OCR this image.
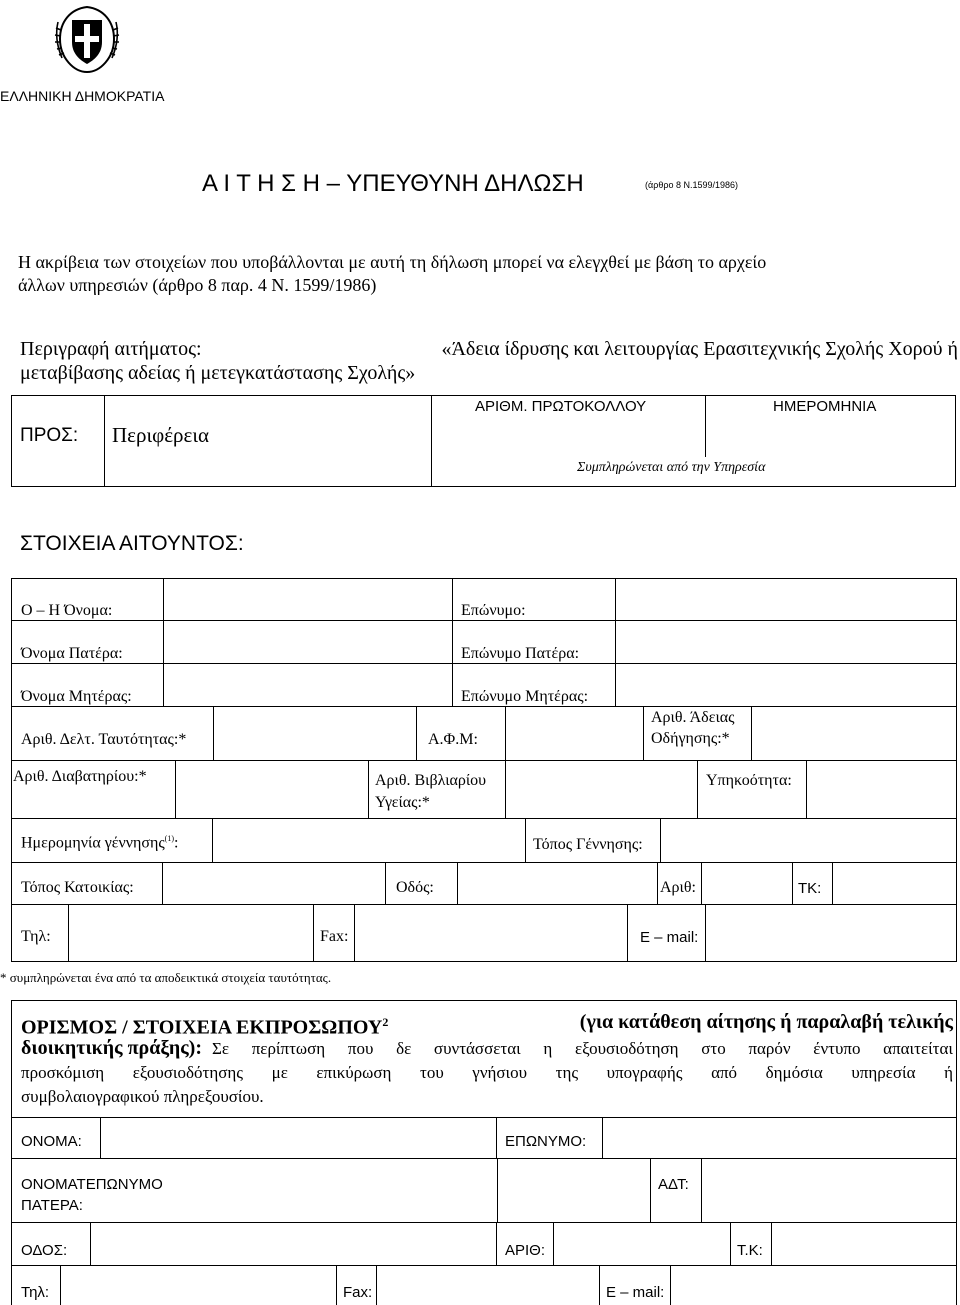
ΕΛΛΗΝΙΚΗ ΔΗΜΟΚΡΑΤΙΑ
Α Ι Τ Η Σ Η – ΥΠΕΥΘΥΝΗ ΔΗΛΩΣΗ	(άρθρο 8 Ν.1599/1986)
Η ακρίβεια των στοιχείων που υποβάλλονται με αυτή τη δήλωση μπορεί να ελεγχθεί με βάση το αρχείο
άλλων υπηρεσιών (άρθρο 8 παρ. 4 Ν. 1599/1986)
Περιγραφή αιτήματος:	«Άδεια ίδρυσης και λειτουργίας Ερασιτεχνικής Σχολής Χορού ή
μεταβίβασης αδείας ή μετεγκατάστασης Σχολής»
ΠΡΟΣ: Περιφέρεια
ΑΡΙΘΜ. ΠΡΩΤΟΚΟΛΛΟΥ	ΗΜΕΡΟΜΗΝΙΑ
Συμπληρώνεται από την Υπηρεσία
ΣΤΟΙΧΕΙΑ ΑΙΤΟΥΝΤΟΣ:
Ο – Η Όνομα:	Επώνυμο:
Όνομα Πατέρα:	Επώνυμο Πατέρα:
Όνομα Μητέρας:	Επώνυμο Μητέρας:
Αριθ. Δελτ. Ταυτότητας:*	Α.Φ.Μ:
Αριθ. Άδειας
Οδήγησης:*
Αριθ. Διαβατηρίου:*	Αριθ. Βιβλιαρίου
Υγείας:*
Υπηκοότητα:
Ημερομηνία γέννησης$^{(1)}$:	Τόπος Γέννησης:
Τόπος Κατοικίας:	Οδός:	Αριθ:	ΤΚ:
Τηλ:	Fax:	E – mail:
* συμπληρώνεται ένα από τα αποδεικτικά στοιχεία ταυτότητας.
ΟΡΙΣΜΟΣ / ΣΤΟΙΧΕΙΑ ΕΚΠΡΟΣΩΠΟΥ$^2$	(για κατάθεση αίτησης ή παραλαβή τελικής
διοικητικής πράξης): Σε περίπτωση που δε συντάσσεται η εξουσιοδότηση στο παρόν έντυπο απαιτείται
προσκόμιση εξουσιοδότησης με επικύρωση του γνήσιου της υπογραφής από δημόσια υπηρεσία ή
συμβολαιογραφικού πληρεξουσίου.
ΟΝΟΜΑ:	ΕΠΩΝΥΜΟ:
ΟΝΟΜΑΤΕΠΩΝΥΜΟ
ΠΑΤΕΡΑ:
ΑΔΤ:
ΟΔΟΣ:	ΑΡΙΘ:	Τ.Κ:
Τηλ:	Fax:	E – mail:
